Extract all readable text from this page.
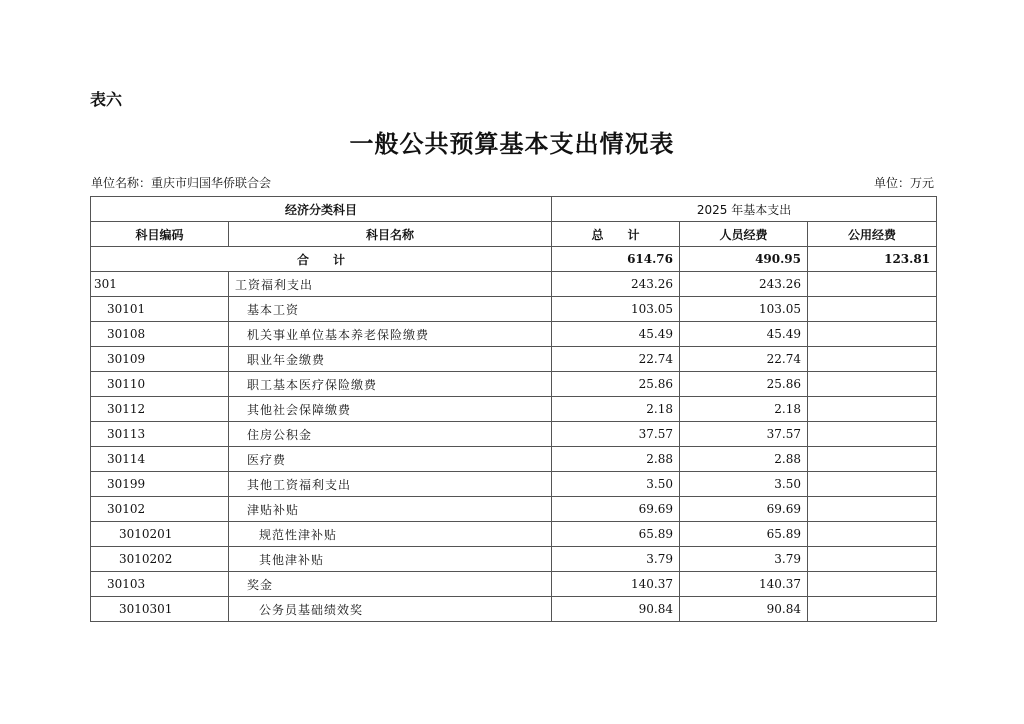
表六
一般公共预算基本支出情况表
单位名称：重庆市归国华侨联合会	单位：万元
经济分类科目		2025 年基本支出		
科目编码	科目名称	总　　计	人员经费	公用经费
合　　计		614.76	490.95	123.81
301	工资福利支出	243.26	243.26	
30101	基本工资	103.05	103.05	
30108	机关事业单位基本养老保险缴费	45.49	45.49	
30109	职业年金缴费	22.74	22.74	
30110	职工基本医疗保险缴费	25.86	25.86	
30112	其他社会保障缴费	2.18	2.18	
30113	住房公积金	37.57	37.57	
30114	医疗费	2.88	2.88	
30199	其他工资福利支出	3.50	3.50	
30102	津贴补贴	69.69	69.69	
3010201	规范性津补贴	65.89	65.89	
3010202	其他津补贴	3.79	3.79	
30103	奖金	140.37	140.37	
3010301	公务员基础绩效奖	90.84	90.84	
